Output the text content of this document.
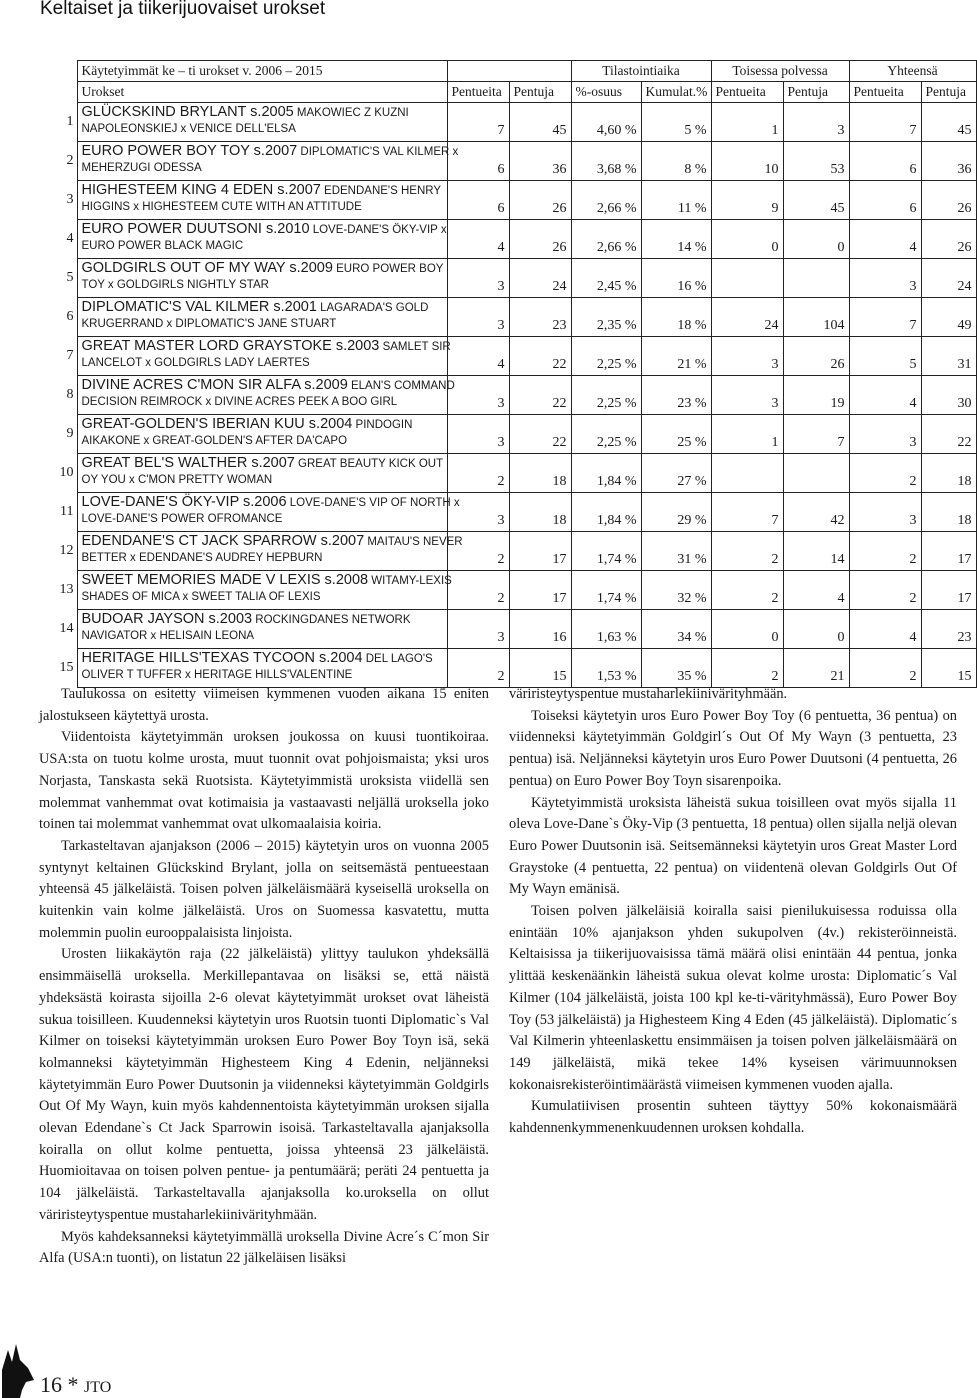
Keltaiset ja tiikerijuovaiset urokset
	Käytetyimmät ke – ti urokset v. 2006 – 2015			Tilastointiaika		Toisessa polvessa		Yhteensä	
	Urokset	Pentueita	Pentuja	%-osuus	Kumulat.%	Pentueita	Pentuja	Pentueita	Pentuja
1	GLÜCKSKIND BRYLANT s.2005 MAKOWIEC Z KUZNI
NAPOLEONSKIEJ x VENICE DELL'ELSA	7	45	4,60 %	5 %	1	3	7	45
2	EURO POWER BOY TOY s.2007 DIPLOMATIC'S VAL KILMER x
MEHERZUGI ODESSA	6	36	3,68 %	8 %	10	53	6	36
3	HIGHESTEEM KING 4 EDEN s.2007 EDENDANE'S HENRY
HIGGINS x HIGHESTEEM CUTE WITH AN ATTITUDE	6	26	2,66 %	11 %	9	45	6	26
4	EURO POWER DUUTSONI s.2010 LOVE-DANE'S ÖKY-VIP x
EURO POWER BLACK MAGIC	4	26	2,66 %	14 %	0	0	4	26
5	GOLDGIRLS OUT OF MY WAY s.2009 EURO POWER BOY
TOY x GOLDGIRLS NIGHTLY STAR	3	24	2,45 %	16 %			3	24
6	DIPLOMATIC'S VAL KILMER s.2001 LAGARADA'S GOLD
KRUGERRAND x DIPLOMATIC'S JANE STUART	3	23	2,35 %	18 %	24	104	7	49
7	GREAT MASTER LORD GRAYSTOKE s.2003 SAMLET SIR
LANCELOT x GOLDGIRLS LADY LAERTES	4	22	2,25 %	21 %	3	26	5	31
8	DIVINE ACRES C'MON SIR ALFA s.2009 ELAN'S COMMAND
DECISION REIMROCK x DIVINE ACRES PEEK A BOO GIRL	3	22	2,25 %	23 %	3	19	4	30
9	GREAT-GOLDEN'S IBERIAN KUU s.2004 PINDOGIN
AIKAKONE x GREAT-GOLDEN'S AFTER DA'CAPO	3	22	2,25 %	25 %	1	7	3	22
10	GREAT BEL'S WALTHER s.2007 GREAT BEAUTY KICK OUT
OY YOU x C'MON PRETTY WOMAN	2	18	1,84 %	27 %			2	18
11	LOVE-DANE'S ÖKY-VIP s.2006 LOVE-DANE'S VIP OF NORTH x
LOVE-DANE'S POWER OFROMANCE	3	18	1,84 %	29 %	7	42	3	18
12	EDENDANE'S CT JACK SPARROW s.2007 MAITAU'S NEVER
BETTER x EDENDANE'S AUDREY HEPBURN	2	17	1,74 %	31 %	2	14	2	17
13	SWEET MEMORIES MADE V LEXIS s.2008 WITAMY-LEXIS
SHADES OF MICA x SWEET TALIA OF LEXIS	2	17	1,74 %	32 %	2	4	2	17
14	BUDOAR JAYSON s.2003 ROCKINGDANES NETWORK
NAVIGATOR x HELISAIN LEONA	3	16	1,63 %	34 %	0	0	4	23
15	HERITAGE HILLS'TEXAS TYCOON s.2004 DEL LAGO'S
OLIVER T TUFFER x HERITAGE HILLS'VALENTINE	2	15	1,53 %	35 %	2	21	2	15

Taulukossa on esitetty viimeisen kymmenen vuoden aikana 15 eniten jalostukseen käytettyä urosta.

Viidentoista käytetyimmän uroksen joukossa on kuusi tuontikoiraa. USA:sta on tuotu kolme urosta, muut tuonnit ovat pohjoismaista; yksi uros Norjasta, Tanskasta sekä Ruotsista. Käytetyimmistä uroksista viidellä sen molemmat vanhemmat ovat kotimaisia ja vastaavasti neljällä uroksella joko toinen tai molemmat vanhemmat ovat ulkomaalaisia koiria.

Tarkasteltavan ajanjakson (2006 – 2015) käytetyin uros on vuonna 2005 syntynyt keltainen Glückskind Brylant, jolla on seitsemästä pentueestaan yhteensä 45 jälkeläistä. Toisen polven jälkeläismäärä kyseisellä uroksella on kuitenkin vain kolme jälkeläistä. Uros on Suomessa kasvatettu, mutta molemmin puolin eurooppalaisista linjoista.

Urosten liikakäytön raja (22 jälkeläistä) ylittyy taulukon yhdeksällä ensimmäisellä uroksella. Merkillepantavaa on lisäksi se, että näistä yhdeksästä koirasta sijoilla 2-6 olevat käytetyimmät urokset ovat läheistä sukua toisilleen. Kuudenneksi käytetyin uros Ruotsin tuonti Diplomatic`s Val Kilmer on toiseksi käytetyimmän uroksen Euro Power Boy Toyn isä, sekä kolmanneksi käytetyimmän Highesteem King 4 Edenin, neljänneksi käytetyimmän Euro Power Duutsonin ja viidenneksi käytetyimmän Goldgirls Out Of My Wayn, kuin myös kahdennentoista käytetyimmän uroksen sijalla olevan Edendane`s Ct Jack Sparrowin isoisä. Tarkasteltavalla ajanjaksolla koiralla on ollut kolme pentuetta, joissa yhteensä 23 jälkeläistä. Huomioitavaa on toisen polven pentue- ja pentumäärä; peräti 24 pentuetta ja 104 jälkeläistä. Tarkasteltavalla ajanjaksolla ko.uroksella on ollut väriristeytyspentue mustaharlekiinivärityhmään.

Myös kahdeksanneksi käytetyimmällä uroksella Divine Acre´s C´mon Sir Alfa (USA:n tuonti), on listatun 22 jälkeläisen lisäksi

väriristeytyspentue mustaharlekiinivärityhmään.

Toiseksi käytetyin uros Euro Power Boy Toy (6 pentuetta, 36 pentua) on viidenneksi käytetyimmän Goldgirl´s Out Of My Wayn (3 pentuetta, 23 pentua) isä. Neljänneksi käytetyin uros Euro Power Duutsoni (4 pentuetta, 26 pentua) on Euro Power Boy Toyn sisarenpoika.

Käytetyimmistä uroksista läheistä sukua toisilleen ovat myös sijalla 11 oleva Love-Dane`s Öky-Vip (3 pentuetta, 18 pentua) ollen sijalla neljä olevan Euro Power Duutsonin isä. Seitsemänneksi käytetyin uros Great Master Lord Graystoke (4 pentuetta, 22 pentua) on viidentenä olevan Goldgirls Out Of My Wayn emänisä.

Toisen polven jälkeläisiä koiralla saisi pienilukuisessa roduissa olla enintään 10% ajanjakson yhden sukupolven (4v.) rekisteröinneistä. Keltaisissa ja tiikerijuovaisissa tämä määrä olisi enintään 44 pentua, jonka ylittää keskenäänkin läheistä sukua olevat kolme urosta: Diplomatic´s Val Kilmer (104 jälkeläistä, joista 100 kpl ke-ti-värityhmässä), Euro Power Boy Toy (53 jälkeläistä) ja Highesteem King 4 Eden (45 jälkeläistä). Diplomatic´s Val Kilmerin yhteenlaskettu ensimmäisen ja toisen polven jälkeläismäärä on 149 jälkeläistä, mikä tekee 14% kyseisen värimuunnoksen kokonaisrekisteröintimäärästä viimeisen kymmenen vuoden ajalla.

Kumulatiivisen prosentin suhteen täyttyy 50% kokonaismäärä kahdennenkymmenenkuudennen uroksen kohdalla.

16 * JTO
